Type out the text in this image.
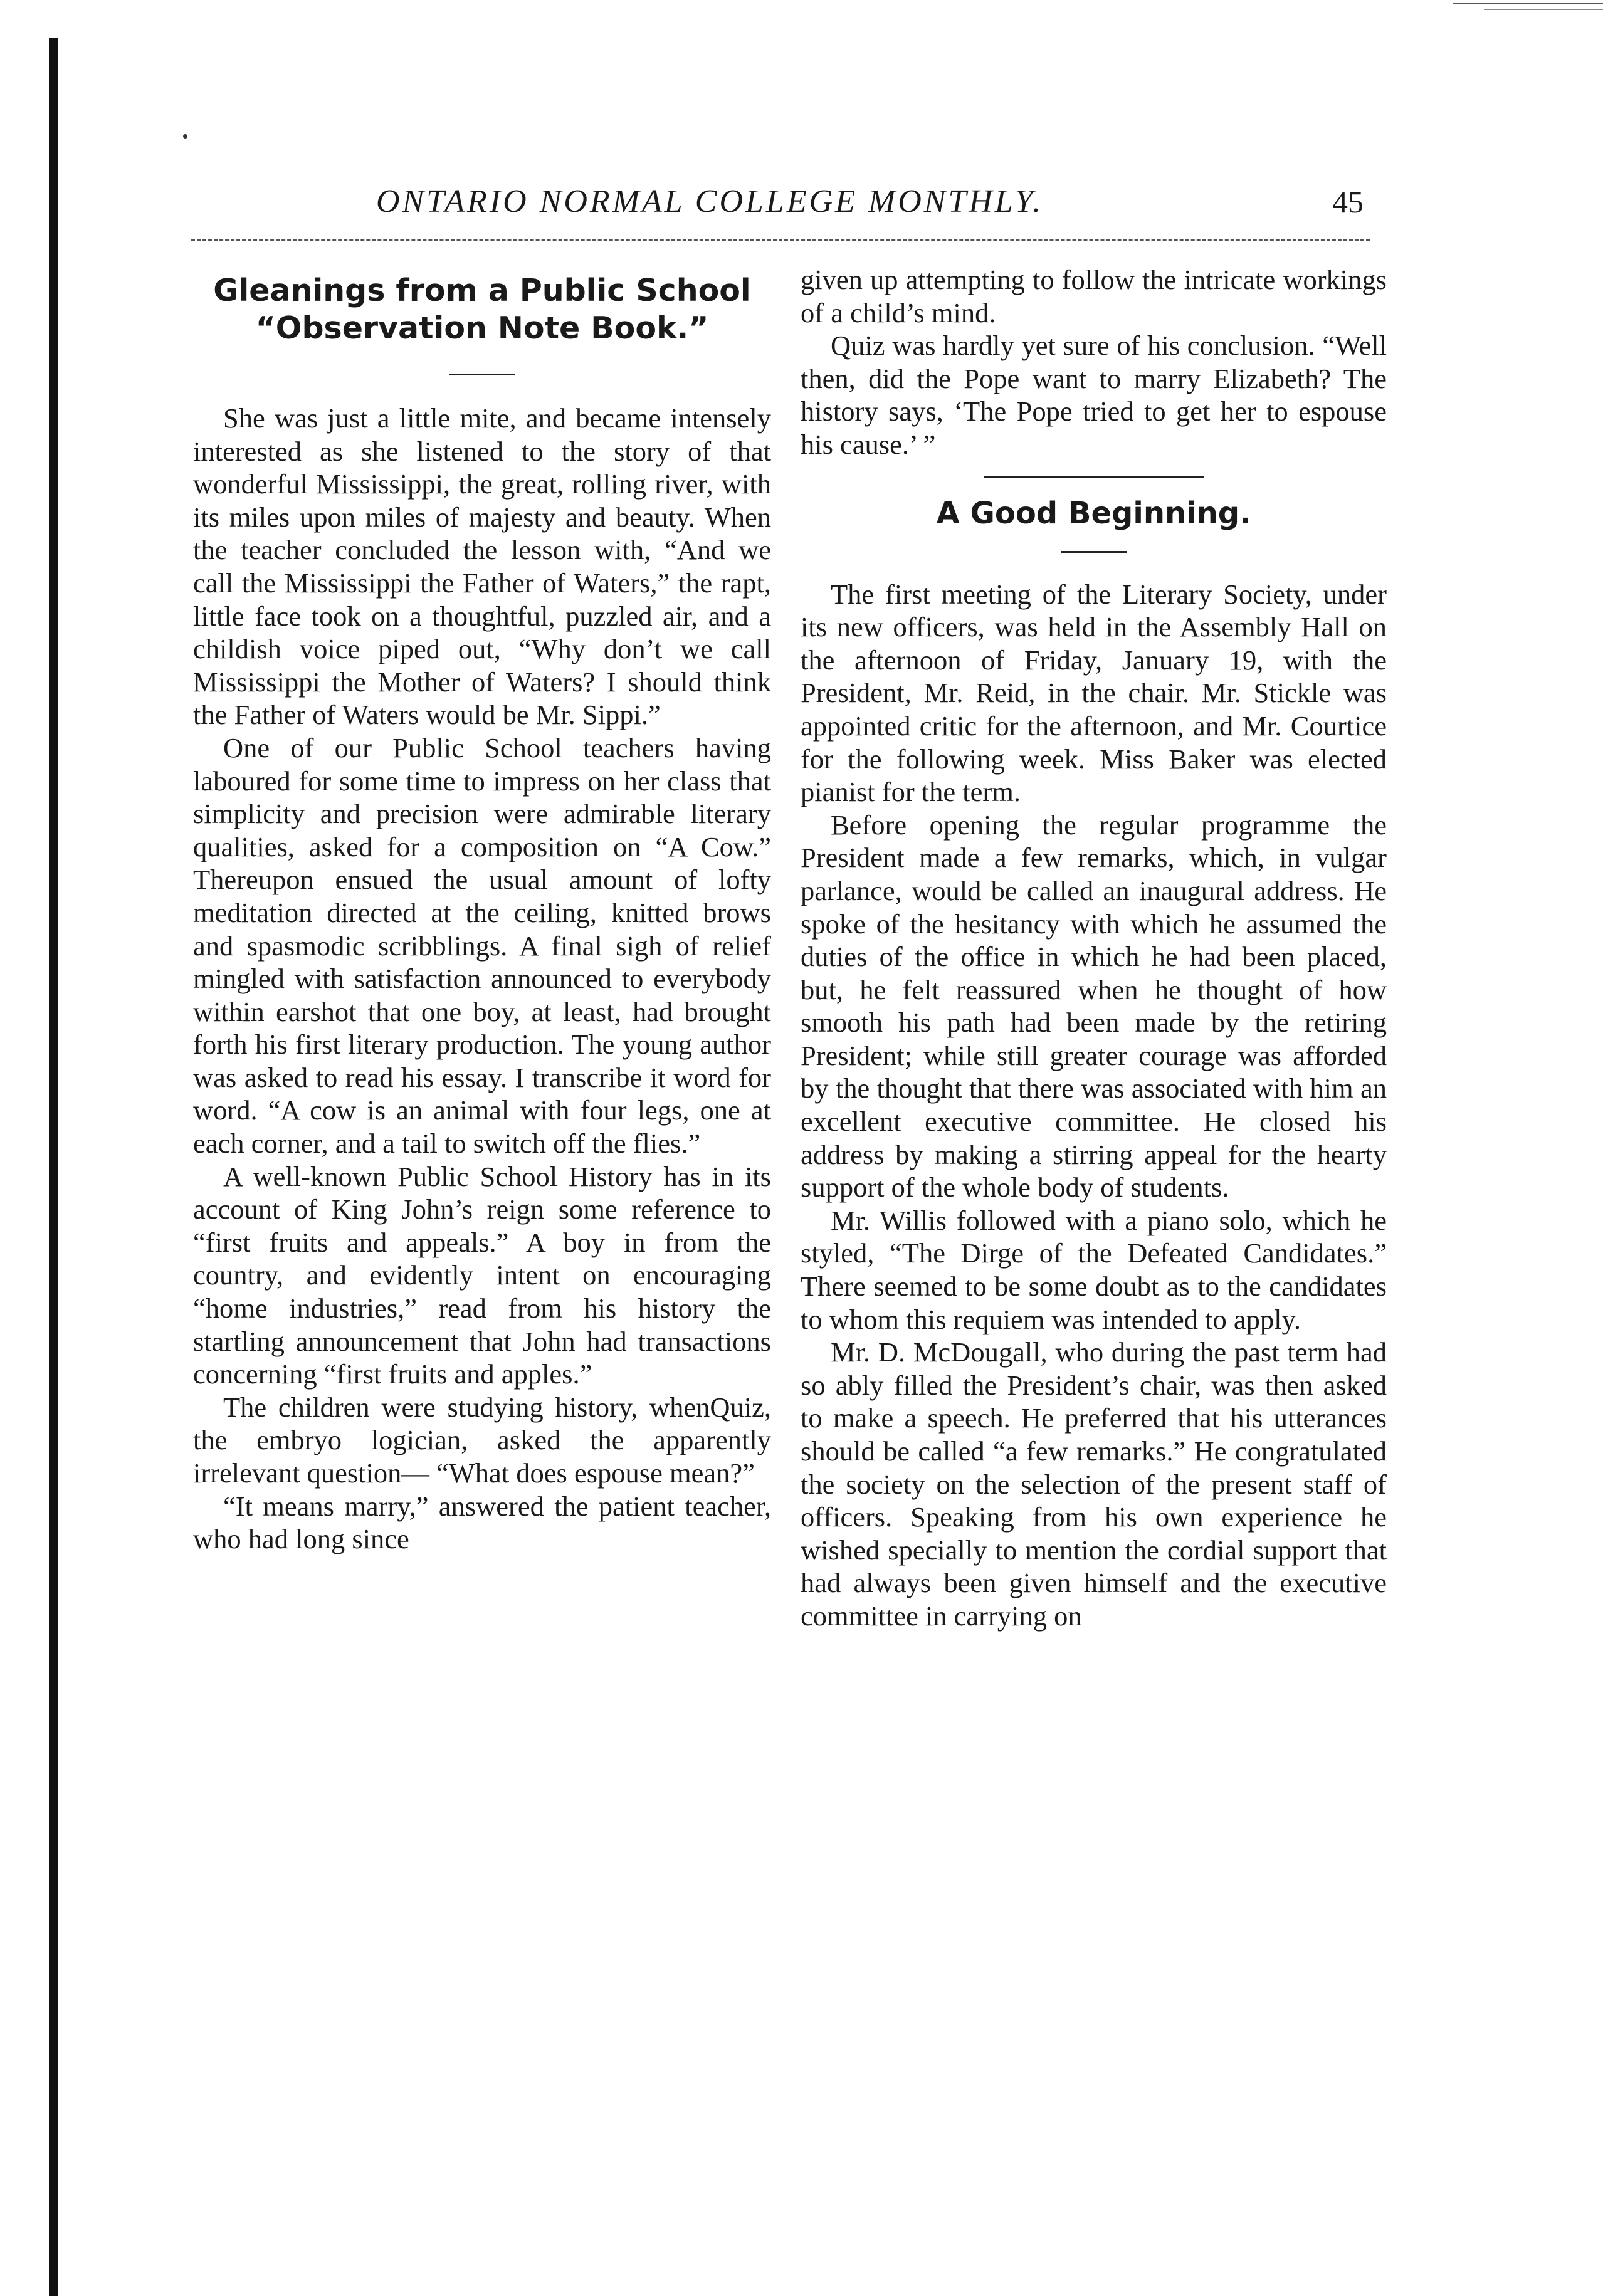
ONTARIO NORMAL COLLEGE MONTHLY.	45
Gleanings from a Public School “Observation Note Book.”

She was just a little mite, and became intensely interested as she listened to the story of that wonderful Mississippi, the great, rolling river, with its miles upon miles of majesty and beauty. When the teacher concluded the lesson with, “And we call the Mississippi the Father of Waters,” the rapt, little face took on a thoughtful, puzzled air, and a childish voice piped out, “Why don’t we call Mississippi the Mother of Waters? I should think the Father of Waters would be Mr. Sippi.”

One of our Public School teachers having laboured for some time to impress on her class that simplicity and precision were admirable literary qualities, asked for a composition on “A Cow.” Thereupon ensued the usual amount of lofty meditation directed at the ceiling, knitted brows and spasmodic scribblings. A final sigh of relief mingled with satisfaction announced to everybody within earshot that one boy, at least, had brought forth his first literary production. The young author was asked to read his essay. I transcribe it word for word. “A cow is an animal with four legs, one at each corner, and a tail to switch off the flies.”

A well-known Public School History has in its account of King John’s reign some reference to “first fruits and appeals.” A boy in from the country, and evidently intent on encouraging “home industries,” read from his history the startling announcement that John had transactions concerning “first fruits and apples.”

The children were studying history, whenQuiz, the embryo logician, asked the apparently irrelevant question— “What does espouse mean?”

“It means marry,” answered the patient teacher, who had long since

given up attempting to follow the intricate workings of a child’s mind.

Quiz was hardly yet sure of his conclusion. “Well then, did the Pope want to marry Elizabeth? The history says, ‘The Pope tried to get her to espouse his cause.’ ”

A Good Beginning.

The first meeting of the Literary Society, under its new officers, was held in the Assembly Hall on the afternoon of Friday, January 19, with the President, Mr. Reid, in the chair. Mr. Stickle was appointed critic for the afternoon, and Mr. Courtice for the following week. Miss Baker was elected pianist for the term.

Before opening the regular programme the President made a few remarks, which, in vulgar parlance, would be called an inaugural address. He spoke of the hesitancy with which he assumed the duties of the office in which he had been placed, but, he felt reassured when he thought of how smooth his path had been made by the retiring President; while still greater courage was afforded by the thought that there was associated with him an excellent executive committee. He closed his address by making a stirring appeal for the hearty support of the whole body of students.

Mr. Willis followed with a piano solo, which he styled, “The Dirge of the Defeated Candidates.” There seemed to be some doubt as to the candidates to whom this requiem was intended to apply.

Mr. D. McDougall, who during the past term had so ably filled the President’s chair, was then asked to make a speech. He preferred that his utterances should be called “a few remarks.” He congratulated the society on the selection of the present staff of officers. Speaking from his own experience he wished specially to mention the cordial support that had always been given himself and the executive committee in carrying on
